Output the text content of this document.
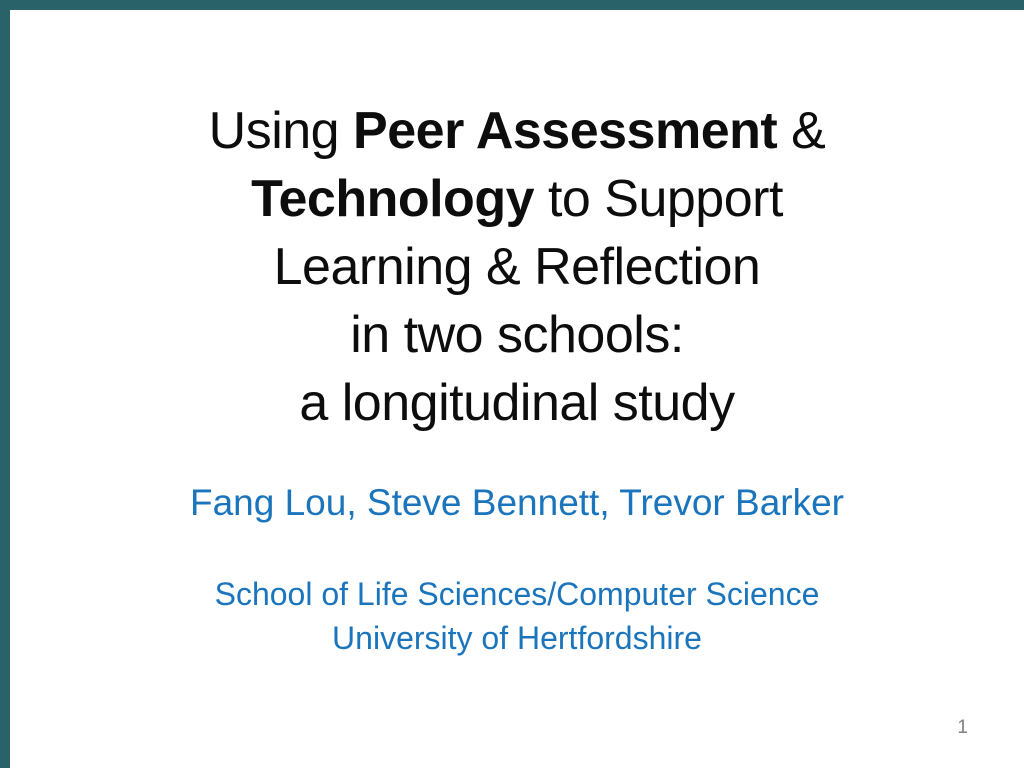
Using Peer Assessment &
Technology to Support
Learning & Reflection
in two schools:
a longitudinal study
Fang Lou, Steve Bennett, Trevor Barker
School of Life Sciences/Computer Science
University of Hertfordshire
1
